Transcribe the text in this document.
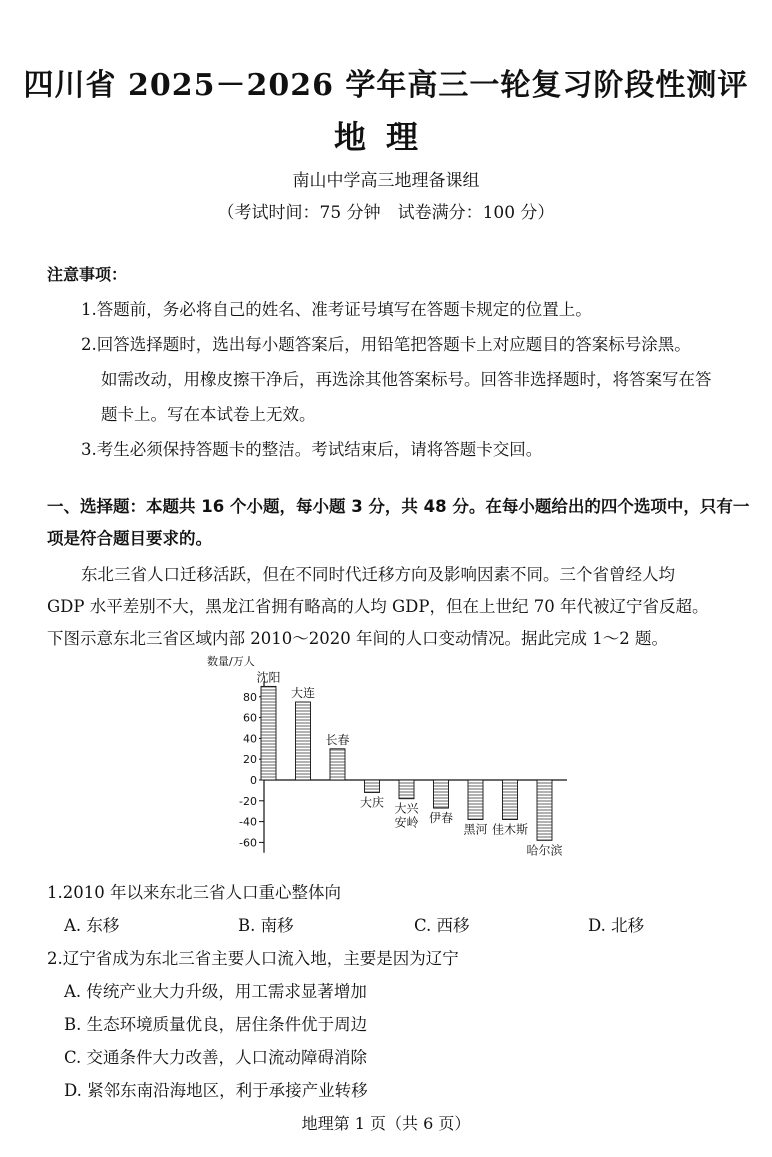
四川省 2025－2026 学年高三一轮复习阶段性测评
地理
南山中学高三地理备课组
（考试时间：75 分钟　试卷满分：100 分）
注意事项：
1.答题前，务必将自己的姓名、准考证号填写在答题卡规定的位置上。
2.回答选择题时，选出每小题答案后，用铅笔把答题卡上对应题目的答案标号涂黑。
如需改动，用橡皮擦干净后，再选涂其他答案标号。回答非选择题时，将答案写在答
题卡上。写在本试卷上无效。
3.考生必须保持答题卡的整洁。考试结束后，请将答题卡交回。
一、选择题：本题共 16 个小题，每小题 3 分，共 48 分。在每小题给出的四个选项中，只有一
项是符合题目要求的。
东北三省人口迁移活跃，但在不同时代迁移方向及影响因素不同。三个省曾经人均
GDP 水平差别不大，黑龙江省拥有略高的人均 GDP，但在上世纪 70 年代被辽宁省反超。
下图示意东北三省区域内部 2010～2020 年间的人口变动情况。据此完成 1～2 题。
数量/万人
-60
-40
-20
0
20
40
60
80
沈阳
大连
长春
大庆 大兴
安岭 伊春
黑河 佳木斯
哈尔滨
1.2010 年以来东北三省人口重心整体向
A. 东移	B. 南移	C. 西移	D. 北移
2.辽宁省成为东北三省主要人口流入地，主要是因为辽宁
A. 传统产业大力升级，用工需求显著增加
B. 生态环境质量优良，居住条件优于周边
C. 交通条件大力改善，人口流动障碍消除
D. 紧邻东南沿海地区，利于承接产业转移
地理第 1 页（共 6 页）
